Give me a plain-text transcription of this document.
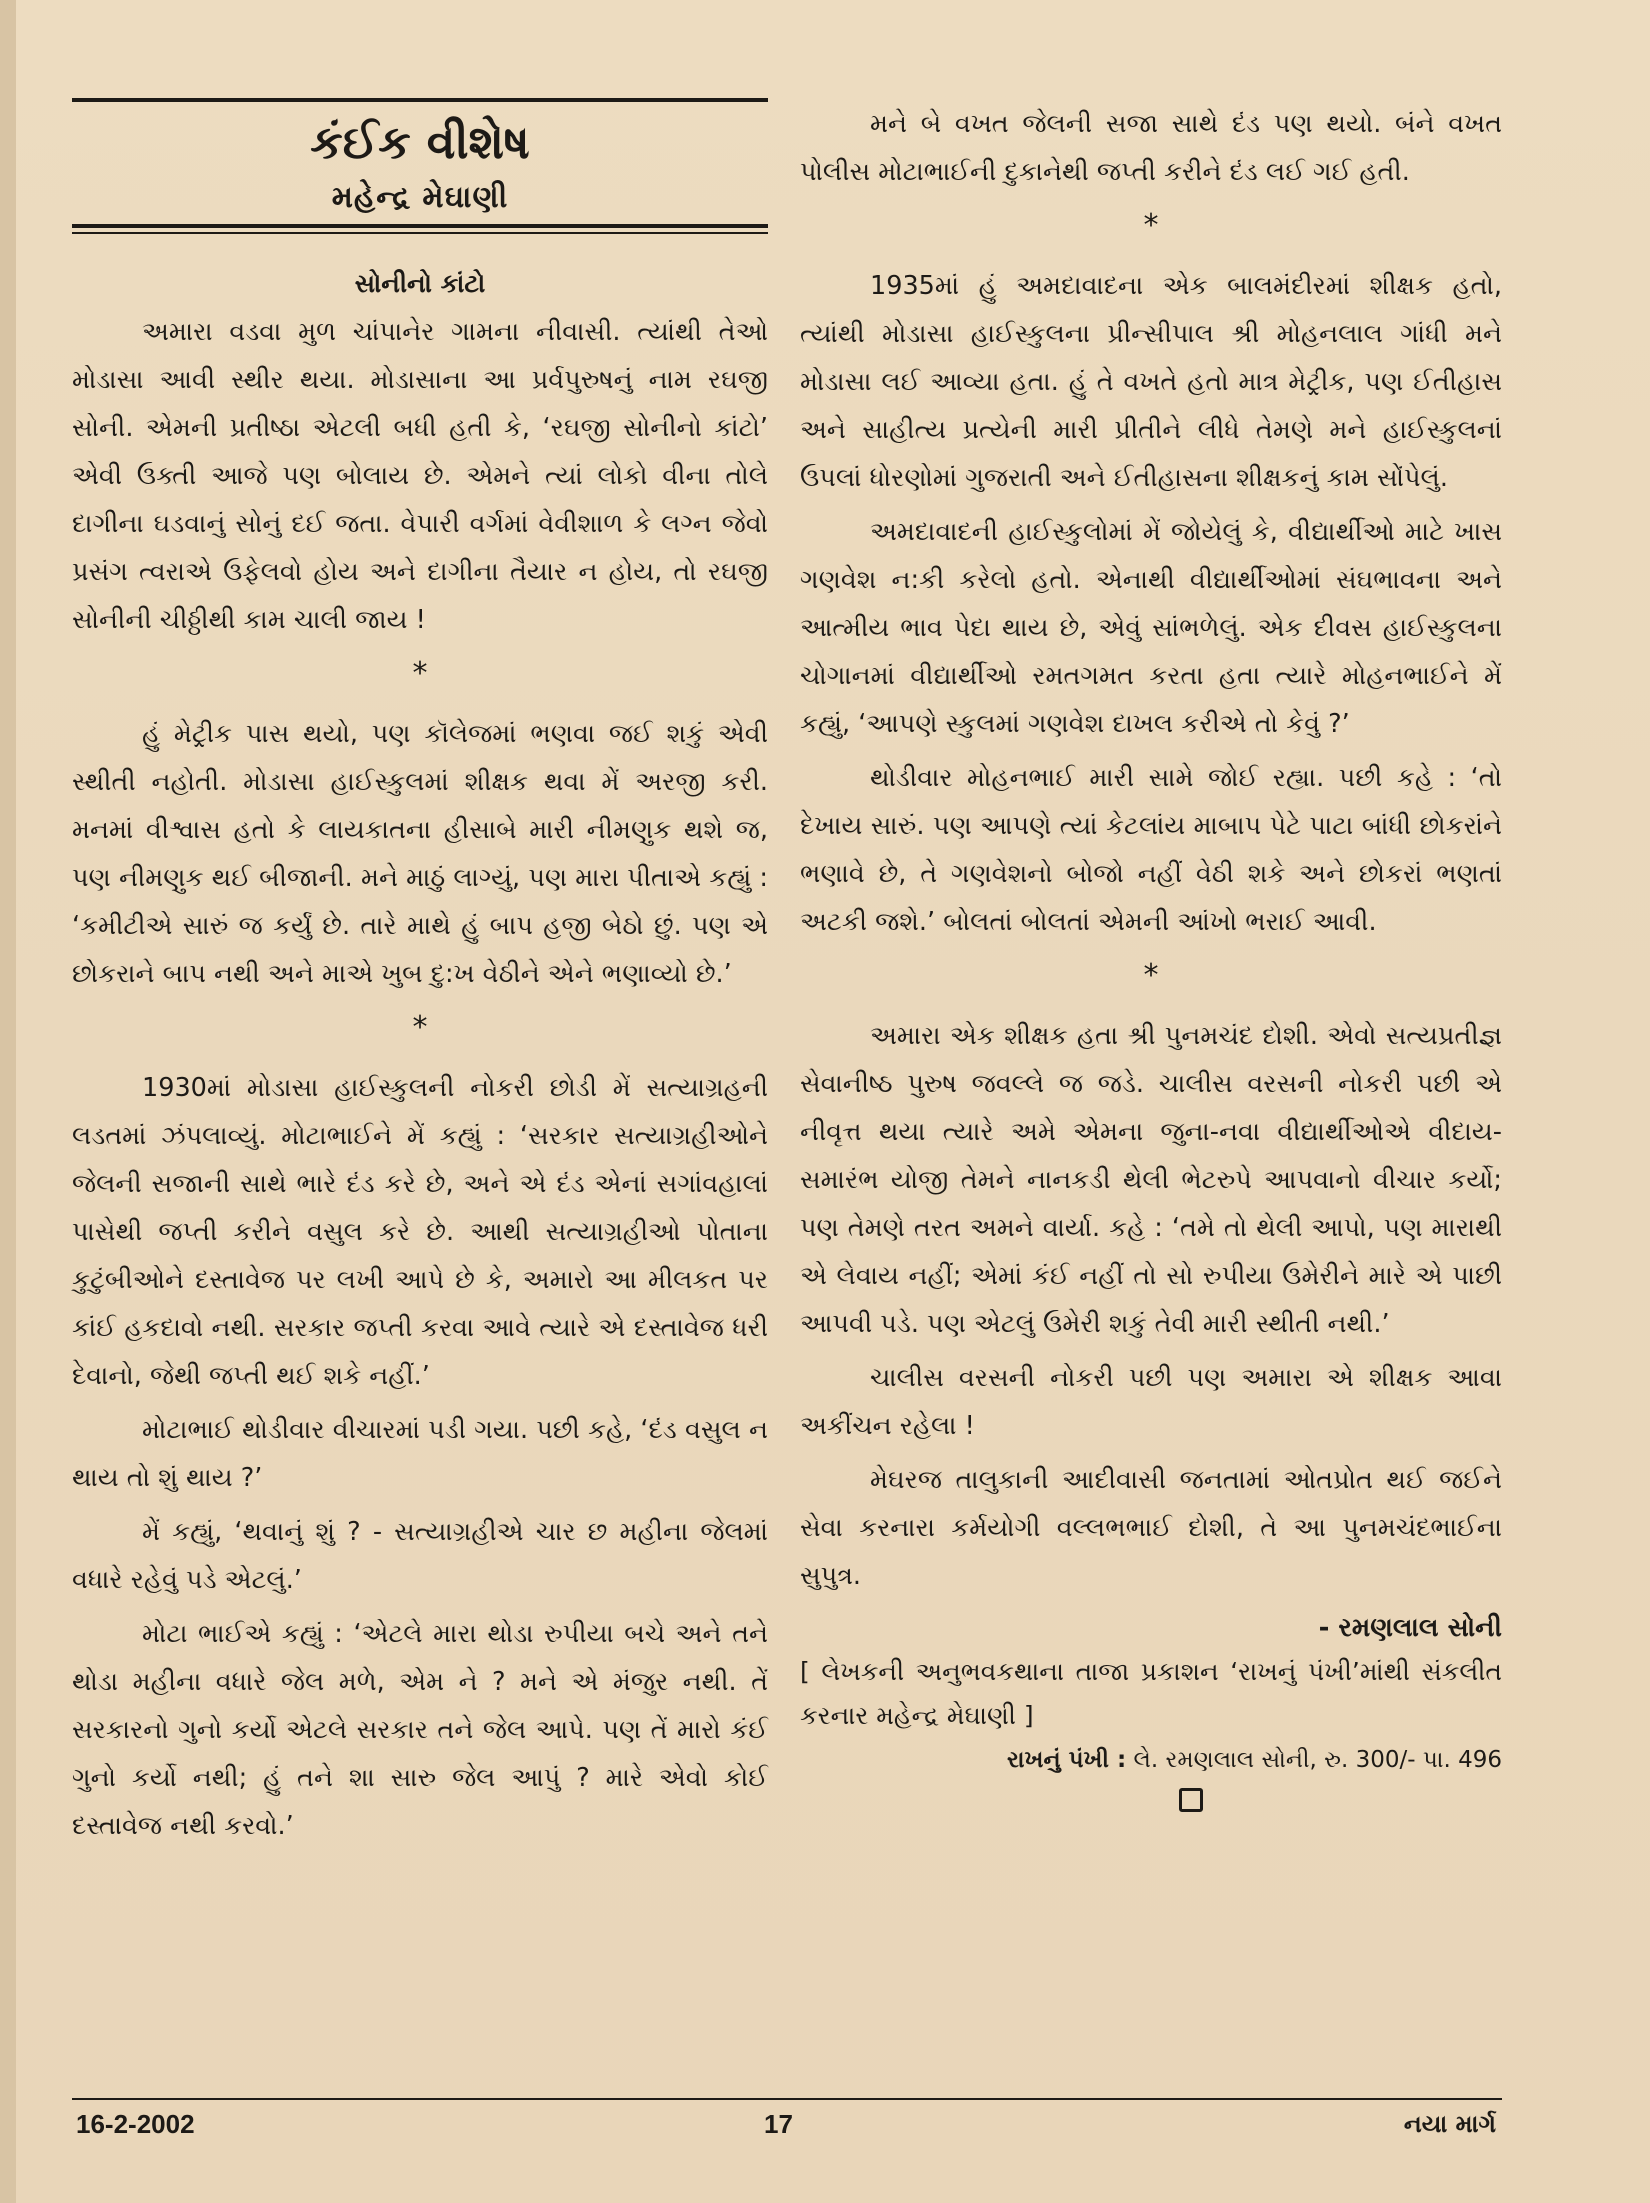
કંઈક વીશેષ
મહેન્દ્ર મેઘાણી
સોનીનો કાંટો

અમારા વડવા મુળ ચાંપાનેર ગામના નીવાસી. ત્યાંથી તેઓ મોડાસા આવી સ્થીર થયા. મોડાસાના આ પ્રર્વપુરુષનું નામ રઘજી સોની. એમની પ્રતીષ્ઠા એટલી બધી હતી કે, ‘રઘજી સોનીનો કાંટો’ એવી ઉક્તી આજે પણ બોલાય છે. એમને ત્યાં લોકો વીના તોલે દાગીના ઘડવાનું સોનું દઈ જતા. વેપારી વર્ગમાં વેવીશાળ કે લગ્ન જેવો પ્રસંગ ત્વરાએ ઉફેલવો હોય અને દાગીના તૈયાર ન હોય, તો રઘજી સોનીની ચીઠ્ઠીથી કામ ચાલી જાય !

*

હું મેટ્રીક પાસ થયો, પણ કૉલેજમાં ભણવા જઈ શકું એવી સ્થીતી નહોતી. મોડાસા હાઈસ્કુલમાં શીક્ષક થવા મેં અરજી કરી. મનમાં વીશ્વાસ હતો કે લાયકાતના હીસાબે મારી નીમણુક થશે જ, પણ નીમણુક થઈ બીજાની. મને માઠું લાગ્યું, પણ મારા પીતાએ કહ્યું : ‘કમીટીએ સારું જ કર્યું છે. તારે માથે હું બાપ હજી બેઠો છું. પણ એ છોકરાને બાપ નથી અને માએ ખુબ દુ:ખ વેઠીને એને ભણાવ્યો છે.’

*

1930માં મોડાસા હાઈસ્કુલની નોકરી છોડી મેં સત્યાગ્રહની લડતમાં ઝંપલાવ્યું. મોટાભાઈને મેં કહ્યું : ‘સરકાર સત્યાગ્રહીઓને જેલની સજાની સાથે ભારે દંડ કરે છે, અને એ દંડ એનાં સગાંવહાલાં પાસેથી જપ્તી કરીને વસુલ કરે છે. આથી સત્યાગ્રહીઓ પોતાના કુટુંબીઓને દસ્તાવેજ પર લખી આપે છે કે, અમારો આ મીલકત પર કાંઈ હકદાવો નથી. સરકાર જપ્તી કરવા આવે ત્યારે એ દસ્તાવેજ ધરી દેવાનો, જેથી જપ્તી થઈ શકે નહીં.’

મોટાભાઈ થોડીવાર વીચારમાં પડી ગયા. પછી કહે, ‘દંડ વસુલ ન થાય તો શું થાય ?’

મેં કહ્યું, ‘થવાનું શું ? - સત્યાગ્રહીએ ચાર છ મહીના જેલમાં વધારે રહેવું પડે એટલું.’

મોટા ભાઈએ કહ્યું : ‘એટલે મારા થોડા રુપીયા બચે અને તને થોડા મહીના વધારે જેલ મળે, એમ ને ? મને એ મંજુર નથી. તેં સરકારનો ગુનો કર્યો એટલે સરકાર તને જેલ આપે. પણ તેં મારો કંઈ ગુનો કર્યો નથી; હું તને શા સારુ જેલ આપું ? મારે એવો કોઈ દસ્તાવેજ નથી કરવો.’

મને બે વખત જેલની સજા સાથે દંડ પણ થયો. બંને વખત પોલીસ મોટાભાઈની દુકાનેથી જપ્તી કરીને દંડ લઈ ગઈ હતી.

*

1935માં હું અમદાવાદના એક બાલમંદીરમાં શીક્ષક હતો, ત્યાંથી મોડાસા હાઈસ્કુલના પ્રીન્સીપાલ શ્રી મોહનલાલ ગાંધી મને મોડાસા લઈ આવ્યા હતા. હું તે વખતે હતો માત્ર મેટ્રીક, પણ ઈતીહાસ અને સાહીત્ય પ્રત્યેની મારી પ્રીતીને લીધે તેમણે મને હાઈસ્કુલનાં ઉપલાં ધોરણોમાં ગુજરાતી અને ઈતીહાસના શીક્ષકનું કામ સોંપેલું.

અમદાવાદની હાઈસ્કુલોમાં મેં જોયેલું કે, વીદ્યાર્થીઓ માટે ખાસ ગણવેશ ન:કી કરેલો હતો. એનાથી વીદ્યાર્થીઓમાં સંઘભાવના અને આત્મીય ભાવ પેદા થાય છે, એવું સાંભળેલું. એક દીવસ હાઈસ્કુલના ચોગાનમાં વીદ્યાર્થીઓ રમતગમત કરતા હતા ત્યારે મોહનભાઈને મેં કહ્યું, ‘આપણે સ્કુલમાં ગણવેશ દાખલ કરીએ તો કેવું ?’

થોડીવાર મોહનભાઈ મારી સામે જોઈ રહ્યા. પછી કહે : ‘તો દેખાય સારું. પણ આપણે ત્યાં કેટલાંય માબાપ પેટે પાટા બાંધી છોકરાંને ભણાવે છે, તે ગણવેશનો બોજો નહીં વેઠી શકે અને છોકરાં ભણતાં અટકી જશે.’ બોલતાં બોલતાં એમની આંખો ભરાઈ આવી.

*

અમારા એક શીક્ષક હતા શ્રી પુનમચંદ દોશી. એવો સત્યપ્રતીજ્ઞ સેવાનીષ્ઠ પુરુષ જવલ્લે જ જડે. ચાલીસ વરસની નોકરી પછી એ નીવૃત્ત થયા ત્યારે અમે એમના જુના-નવા વીદ્યાર્થીઓએ વીદાય-સમારંભ યોજી તેમને નાનકડી થેલી ભેટરુપે આપવાનો વીચાર કર્યો; પણ તેમણે તરત અમને વાર્યા. કહે : ‘તમે તો થેલી આપો, પણ મારાથી એ લેવાય નહીં; એમાં કંઈ નહીં તો સો રુપીયા ઉમેરીને મારે એ પાછી આપવી પડે. પણ એટલું ઉમેરી શકું તેવી મારી સ્થીતી નથી.’

ચાલીસ વરસની નોકરી પછી પણ અમારા એ શીક્ષક આવા અકીંચન રહેલા !

મેઘરજ તાલુકાની આદીવાસી જનતામાં ઓતપ્રોત થઈ જઈને સેવા કરનારા કર્મયોગી વલ્લભભાઈ દોશી, તે આ પુનમચંદભાઈના સુપુત્ર.

- રમણલાલ સોની

[ લેખકની અનુભવકથાના તાજા પ્રકાશન ‘રાખનું પંખી’માંથી સંકલીત કરનાર મહેન્દ્ર મેઘાણી ]

રાખનું પંખી : લે. રમણલાલ સોની, રુ. 300/- પા. 496

16-2-2002	17	નયા માર્ગ
